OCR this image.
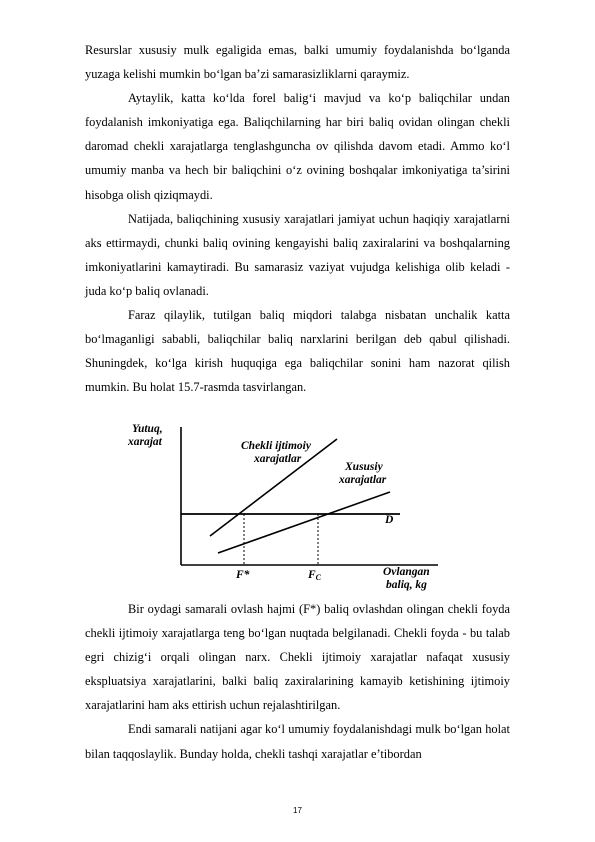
Resurslar xususiy mulk egaligida emas, balki umumiy foydalanishda bo‘lganda yuzaga kelishi mumkin bo‘lgan ba’zi samarasizliklarni qaraymiz.

Aytaylik, katta ko‘lda forel balig‘i mavjud va ko‘p baliqchilar undan foydalanish imkoniyatiga ega. Baliqchilarning har biri baliq ovidan olingan chekli daromad chekli xarajatlarga tenglashguncha ov qilishda davom etadi. Ammo ko‘l umumiy manba va hech bir baliqchini o‘z ovining boshqalar imkoniyatiga ta’sirini hisobga olish qiziqmaydi.

Natijada, baliqchining xususiy xarajatlari jamiyat uchun haqiqiy xarajatlarni aks ettirmaydi, chunki baliq ovining kengayishi baliq zaxiralarini va boshqalarning imkoniyatlarini kamaytiradi. Bu samarasiz vaziyat vujudga kelishiga olib keladi - juda ko‘p baliq ovlanadi.

Faraz qilaylik, tutilgan baliq miqdori talabga nisbatan unchalik katta bo‘lmaganligi sababli, baliqchilar baliq narxlarini berilgan deb qabul qilishadi. Shuningdek, ko‘lga kirish huquqiga ega baliqchilar sonini ham nazorat qilish mumkin. Bu holat 15.7-rasmda tasvirlangan.

Yutuq,
xarajat	Chekli ijtimoiy
xarajatlar
Xususiy
xarajatlar
D
F*	FC	Ovlangan
baliq, kg

Bir oydagi samarali ovlash hajmi (F*) baliq ovlashdan olingan chekli foyda chekli ijtimoiy xarajatlarga teng bo‘lgan nuqtada belgilanadi. Chekli foyda - bu talab egri chizig‘i orqali olingan narx. Chekli ijtimoiy xarajatlar nafaqat xususiy ekspluatsiya xarajatlarini, balki baliq zaxiralarining kamayib ketishining ijtimoiy xarajatlarini ham aks ettirish uchun rejalashtirilgan.

Endi samarali natijani agar ko‘l umumiy foydalanishdagi mulk bo‘lgan holat bilan taqqoslaylik. Bunday holda, chekli tashqi xarajatlar e’tibordan

17
